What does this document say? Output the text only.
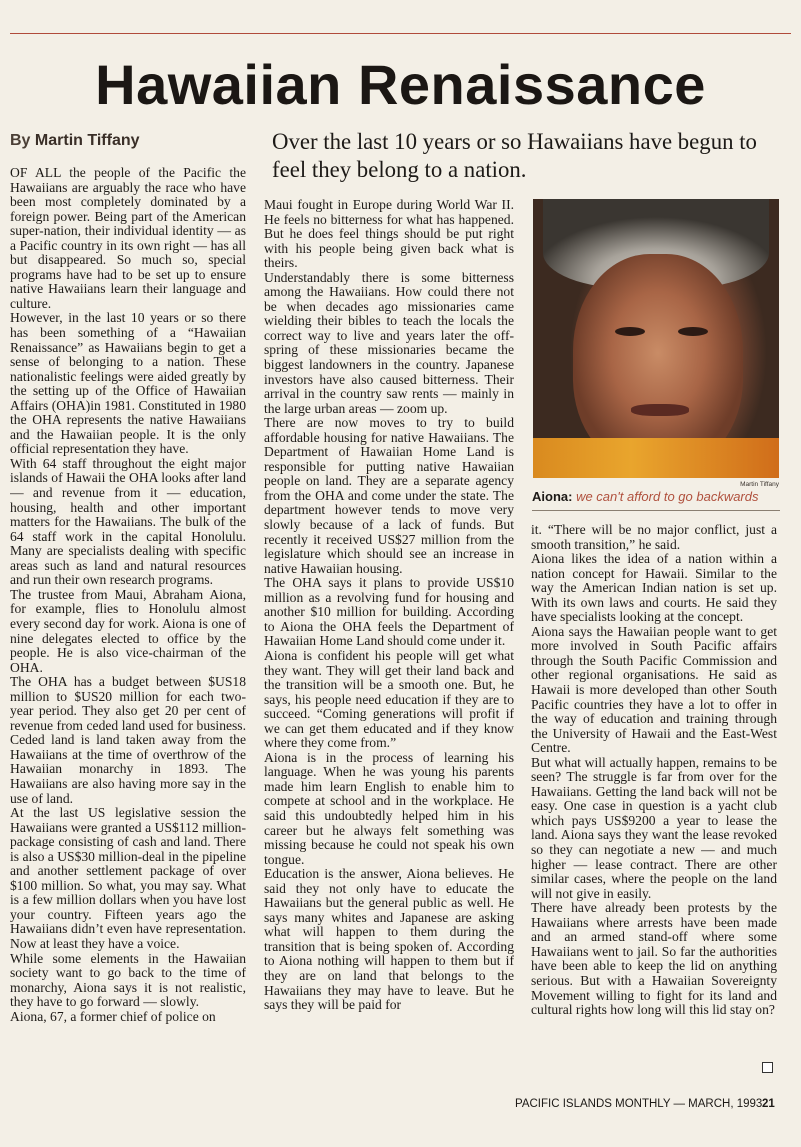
Hawaiian Renaissance

By Martin Tiffany	Over the last 10 years or so Hawaiians have begun to feel they belong to a nation.

OF ALL the people of the Pacific the Hawaiians are arguably the race who have been most completely dominated by a foreign power. Being part of the American super-nation, their individual identity — as a Pacific country in its own right — has all but disappeared. So much so, special programs have had to be set up to ensure native Hawaiians learn their language and culture.

However, in the last 10 years or so there has been something of a “Hawaiian Renaissance” as Hawaiians begin to get a sense of belonging to a nation. These nationalistic feelings were aided greatly by the setting up of the Office of Hawaiian Affairs (OHA)in 1981. Constituted in 1980 the OHA represents the native Hawaiians and the Hawaiian people. It is the only official representation they have.

With 64 staff throughout the eight major islands of Hawaii the OHA looks after land — and revenue from it — education, housing, health and other important matters for the Hawaiians. The bulk of the 64 staff work in the capital Honolulu. Many are specialists dealing with specific areas such as land and natural resources and run their own research programs.

The trustee from Maui, Abraham Aiona, for example, flies to Honolulu almost every second day for work. Aiona is one of nine delegates elected to office by the people. He is also vice-chairman of the OHA.

The OHA has a budget between $US18 million to $US20 million for each two-year period. They also get 20 per cent of revenue from ceded land used for business. Ceded land is land taken away from the Hawaiians at the time of overthrow of the Hawaiian monarchy in 1893. The Hawaiians are also having more say in the use of land.

At the last US legislative session the Hawaiians were granted a US$112 million-package consisting of cash and land. There is also a US$30 million-deal in the pipeline and another settlement package of over $100 million. So what, you may say. What is a few million dollars when you have lost your country. Fifteen years ago the Hawaiians didn’t even have representation. Now at least they have a voice.

While some elements in the Hawaiian society want to go back to the time of monarchy, Aiona says it is not realistic, they have to go forward — slowly.

Aiona, 67, a former chief of police on

Maui fought in Europe during World War II. He feels no bitterness for what has happened. But he does feel things should be put right with his people being given back what is theirs.

Understandably there is some bitterness among the Hawaiians. How could there not be when decades ago missionaries came wielding their bibles to teach the locals the correct way to live and years later the off-spring of these missionaries became the biggest landowners in the country. Japanese investors have also caused bitterness. Their arrival in the country saw rents — mainly in the large urban areas — zoom up.

There are now moves to try to build affordable housing for native Hawaiians. The Department of Hawaiian Home Land is responsible for putting native Hawaiian people on land. They are a separate agency from the OHA and come under the state. The department however tends to move very slowly because of a lack of funds. But recently it received US$27 million from the legislature which should see an increase in native Hawaiian housing.

The OHA says it plans to provide US$10 million as a revolving fund for housing and another $10 million for building. According to Aiona the OHA feels the Department of Hawaiian Home Land should come under it.

Aiona is confident his people will get what they want. They will get their land back and the transition will be a smooth one. But, he says, his people need education if they are to succeed. “Coming generations will profit if we can get them educated and if they know where they come from.”

Aiona is in the process of learning his language. When he was young his parents made him learn English to enable him to compete at school and in the workplace. He said this undoubtedly helped him in his career but he always felt something was missing because he could not speak his own tongue.

Education is the answer, Aiona believes. He said they not only have to educate the Hawaiians but the general public as well. He says many whites and Japanese are asking what will happen to them during the transition that is being spoken of. According to Aiona nothing will happen to them but if they are on land that belongs to the Hawaiians they may have to leave. But he says they will be paid for

Martin Tiffany

Aiona: we can't afford to go backwards

it. “There will be no major conflict, just a smooth transition,” he said.

Aiona likes the idea of a nation within a nation concept for Hawaii. Similar to the way the American Indian nation is set up. With its own laws and courts. He said they have specialists looking at the concept.

Aiona says the Hawaiian people want to get more involved in South Pacific affairs through the South Pacific Commission and other regional organisations. He said as Hawaii is more developed than other South Pacific countries they have a lot to offer in the way of education and training through the University of Hawaii and the East-West Centre.

But what will actually happen, remains to be seen? The struggle is far from over for the Hawaiians. Getting the land back will not be easy. One case in question is a yacht club which pays US$9200 a year to lease the land. Aiona says they want the lease revoked so they can negotiate a new — and much higher — lease contract. There are other similar cases, where the people on the land will not give in easily.

There have already been protests by the Hawaiians where arrests have been made and an armed stand-off where some Hawaiians went to jail. So far the authorities have been able to keep the lid on anything serious. But with a Hawaiian Sovereignty Movement willing to fight for its land and cultural rights how long will this lid stay on?

PACIFIC ISLANDS MONTHLY — MARCH, 1993 21
